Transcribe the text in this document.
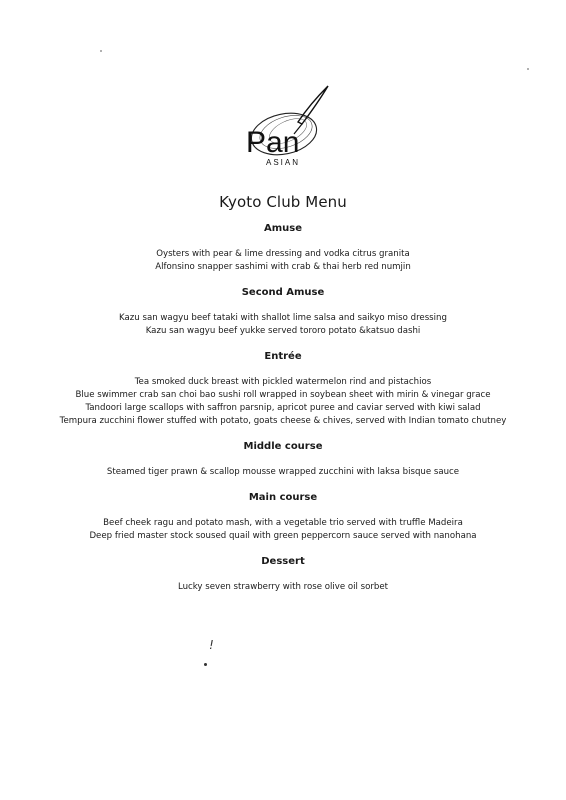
Pan
ASIAN
Kyoto Club Menu
Amuse
Oysters with pear & lime dressing and vodka citrus granita
Alfonsino snapper sashimi with crab & thai herb red numjin
Second Amuse
Kazu san wagyu beef tataki with shallot lime salsa and saikyo miso dressing
Kazu san wagyu beef yukke served tororo potato &katsuo dashi
Entrée
Tea smoked duck breast with pickled watermelon rind and pistachios
Blue swimmer crab san choi bao sushi roll wrapped in soybean sheet with mirin & vinegar grace
Tandoori large scallops with saffron parsnip, apricot puree and caviar served with kiwi salad
Tempura zucchini flower stuffed with potato, goats cheese & chives, served with Indian tomato chutney
Middle course
Steamed tiger prawn & scallop mousse wrapped zucchini with laksa bisque sauce
Main course
Beef cheek ragu and potato mash, with a vegetable trio served with truffle Madeira
Deep fried master stock soused quail with green peppercorn sauce served with nanohana
Dessert
Lucky seven strawberry with rose olive oil sorbet
!
